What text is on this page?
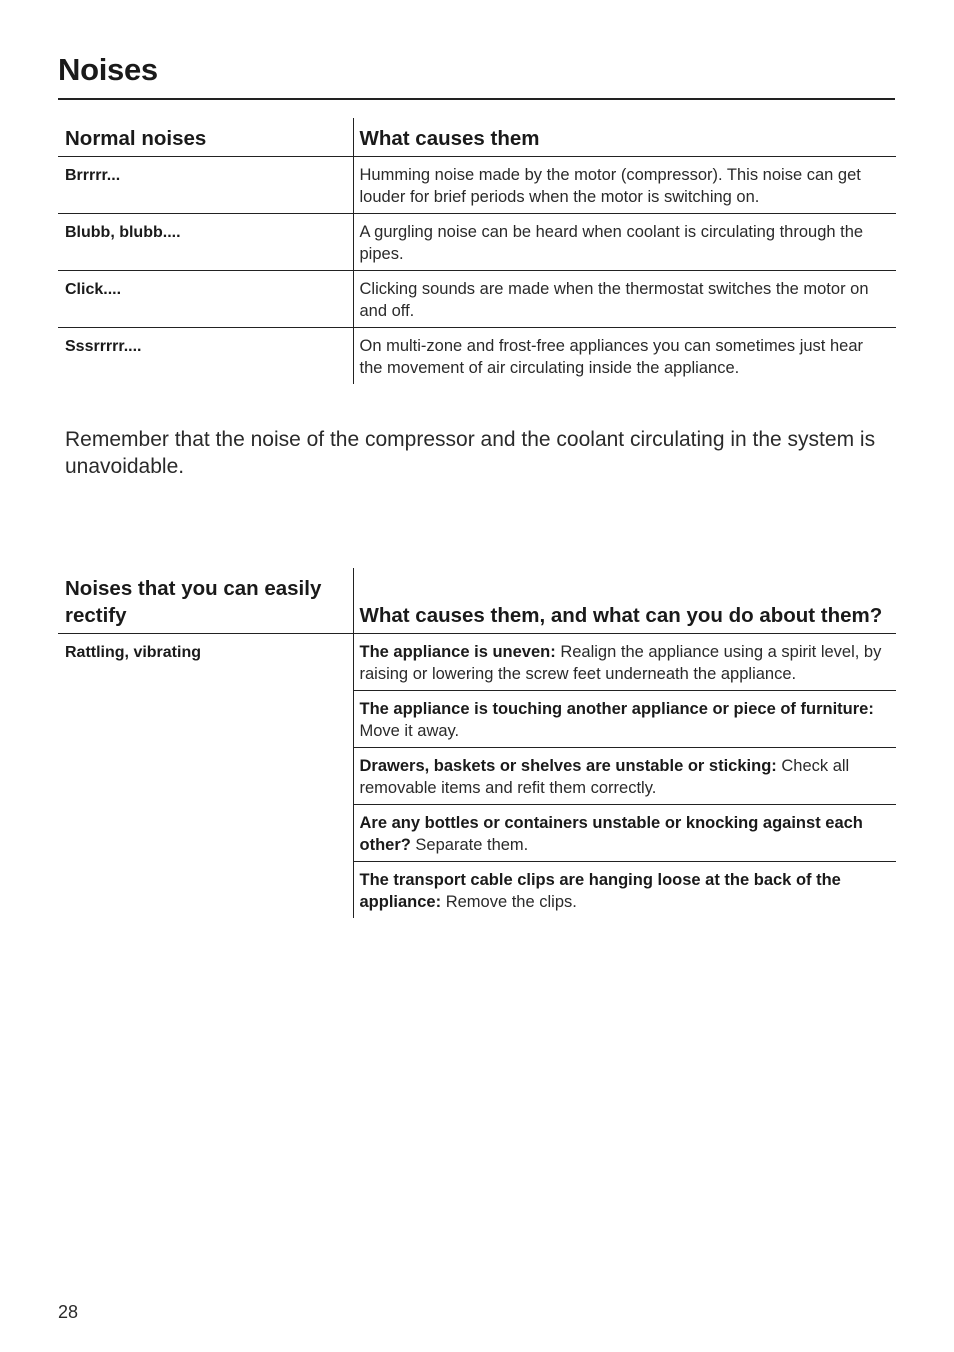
Noises
Normal noises	What causes them
Brrrrr...	Humming noise made by the motor (compressor). This noise can get louder for brief periods when the motor is switching on.
Blubb, blubb....	A gurgling noise can be heard when coolant is circulating through the pipes.
Click....	Clicking sounds are made when the thermostat switches the motor on and off.
Sssrrrrr....	On multi-zone and frost-free appliances you can sometimes just hear the movement of air circulating inside the appliance.

Remember that the noise of the compressor and the coolant circulating in the system is unavoidable.

Noises that you can easily rectify	What causes them, and what can you do about them?
Rattling, vibrating	The appliance is uneven: Realign the appliance using a spirit level, by raising or lowering the screw feet underneath the appliance.
	The appliance is touching another appliance or piece of furniture: Move it away.
	Drawers, baskets or shelves are unstable or sticking: Check all removable items and refit them correctly.
	Are any bottles or containers unstable or knocking against each other? Separate them.
	The transport cable clips are hanging loose at the back of the appliance: Remove the clips.
28
